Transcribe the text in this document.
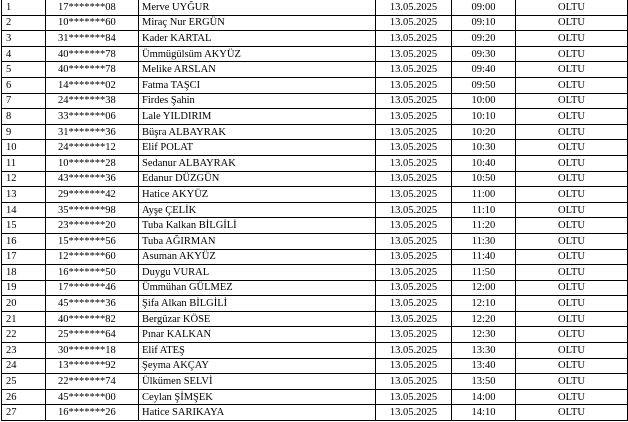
1	17*******08	Merve UYĞUR	13.05.2025	09:00	OLTU
2	10*******60	Miraç Nur ERGÜN	13.05.2025	09:10	OLTU
3	31*******84	Kader KARTAL	13.05.2025	09:20	OLTU
4	40*******78	Ümmügülsüm AKYÜZ	13.05.2025	09:30	OLTU
5	40*******78	Melike ARSLAN	13.05.2025	09:40	OLTU
6	14*******02	Fatma TAŞCI	13.05.2025	09:50	OLTU
7	24*******38	Firdes Şahin	13.05.2025	10:00	OLTU
8	33*******06	Lale YILDIRIM	13.05.2025	10:10	OLTU
9	31*******36	Büşra ALBAYRAK	13.05.2025	10:20	OLTU
10	24*******12	Elif POLAT	13.05.2025	10:30	OLTU
11	10*******28	Sedanur ALBAYRAK	13.05.2025	10:40	OLTU
12	43*******36	Edanur DÜZGÜN	13.05.2025	10:50	OLTU
13	29*******42	Hatice AKYÜZ	13.05.2025	11:00	OLTU
14	35*******98	Ayşe ÇELİK	13.05.2025	11:10	OLTU
15	23*******20	Tuba Kalkan BİLGİLİ	13.05.2025	11:20	OLTU
16	15*******56	Tuba AĞIRMAN	13.05.2025	11:30	OLTU
17	12*******60	Asuman AKYÜZ	13.05.2025	11:40	OLTU
18	16*******50	Duygu VURAL	13.05.2025	11:50	OLTU
19	17*******46	Ümmühan GÜLMEZ	13.05.2025	12:00	OLTU
20	45*******36	Şifa Alkan BİLGİLİ	13.05.2025	12:10	OLTU
21	40*******82	Bergüzar KÖSE	13.05.2025	12:20	OLTU
22	25*******64	Pınar KALKAN	13.05.2025	12:30	OLTU
23	30*******18	Elif ATEŞ	13.05.2025	13:30	OLTU
24	13*******92	Şeyma AKÇAY	13.05.2025	13:40	OLTU
25	22*******74	Ülkümen SELVİ	13.05.2025	13:50	OLTU
26	45*******00	Ceylan ŞİMŞEK	13.05.2025	14:00	OLTU
27	16*******26	Hatice SARIKAYA	13.05.2025	14:10	OLTU
